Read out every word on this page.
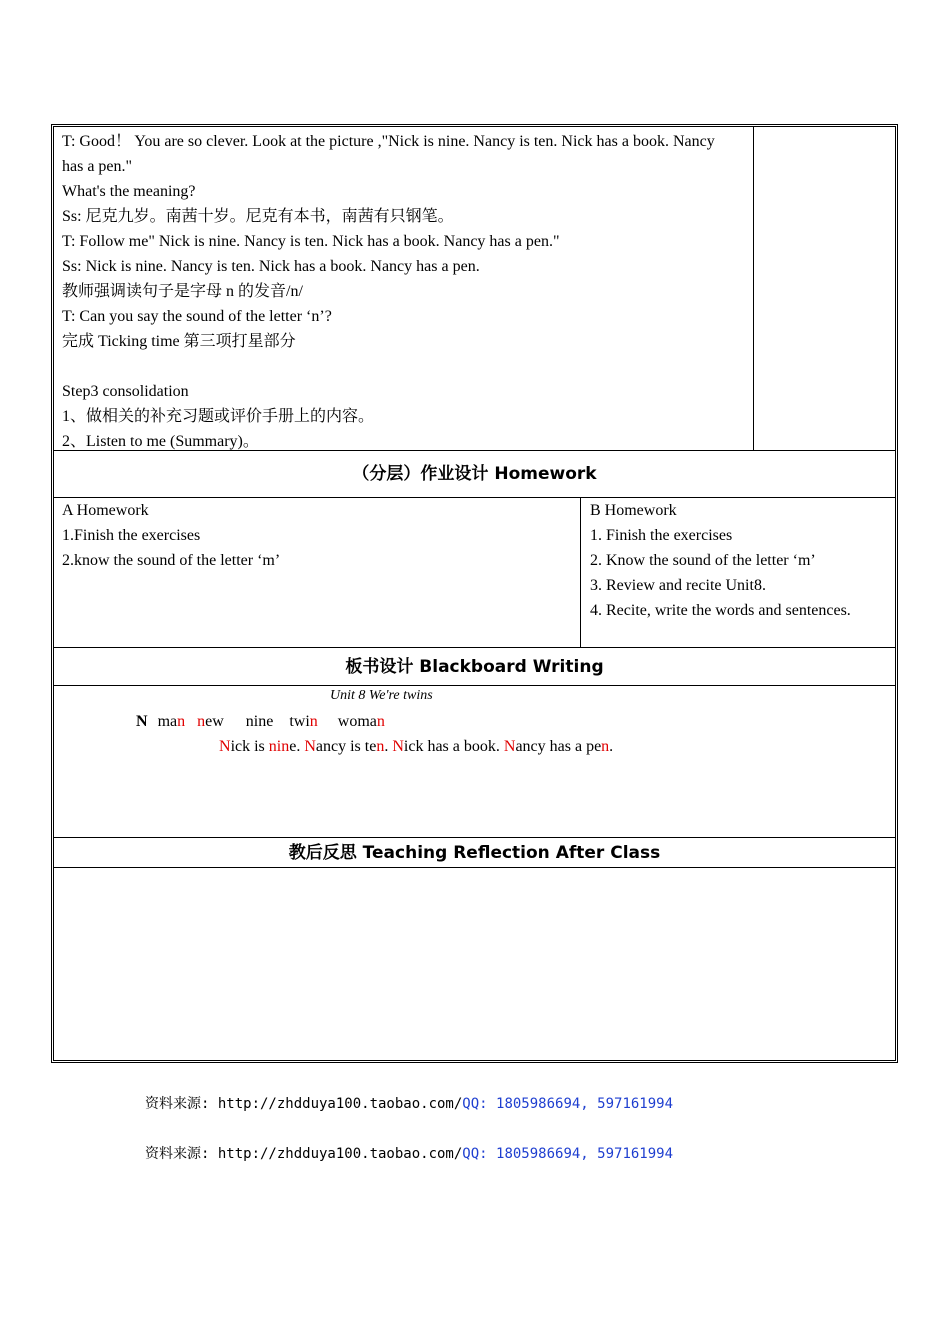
T: Good！ You are so clever. Look at the picture ,"Nick is nine. Nancy is ten. Nick has a book. Nancy
has a pen."
What's the meaning?
Ss: 尼克九岁。南茜十岁。尼克有本书，南茜有只钢笔。
T: Follow me" Nick is nine. Nancy is ten. Nick has a book. Nancy has a pen."
Ss: Nick is nine. Nancy is ten. Nick has a book. Nancy has a pen.
教师强调读句子是字母 n 的发音/n/
T: Can you say the sound of the letter ‘n’?
完成 Ticking time 第三项打星部分
Step3 consolidation
1、做相关的补充习题或评价手册上的内容。
2、Listen to me (Summary)。
（分层）作业设计 Homework
A Homework
1.Finish the exercises
2.know the sound of the letter ‘m’
B Homework
1. Finish the exercises
2. Know the sound of the letter ‘m’
3. Review and recite Unit8.
4. Recite, write the words and sentences.
板书设计 Blackboard Writing
Unit 8 We're twins
N man new nine twin woman
Nick is nine. Nancy is ten. Nick has a book. Nancy has a pen.
教后反思 Teaching Reflection After Class
资料来源: http://zhdduya100.taobao.com/QQ: 1805986694, 597161994
资料来源: http://zhdduya100.taobao.com/QQ: 1805986694, 597161994
